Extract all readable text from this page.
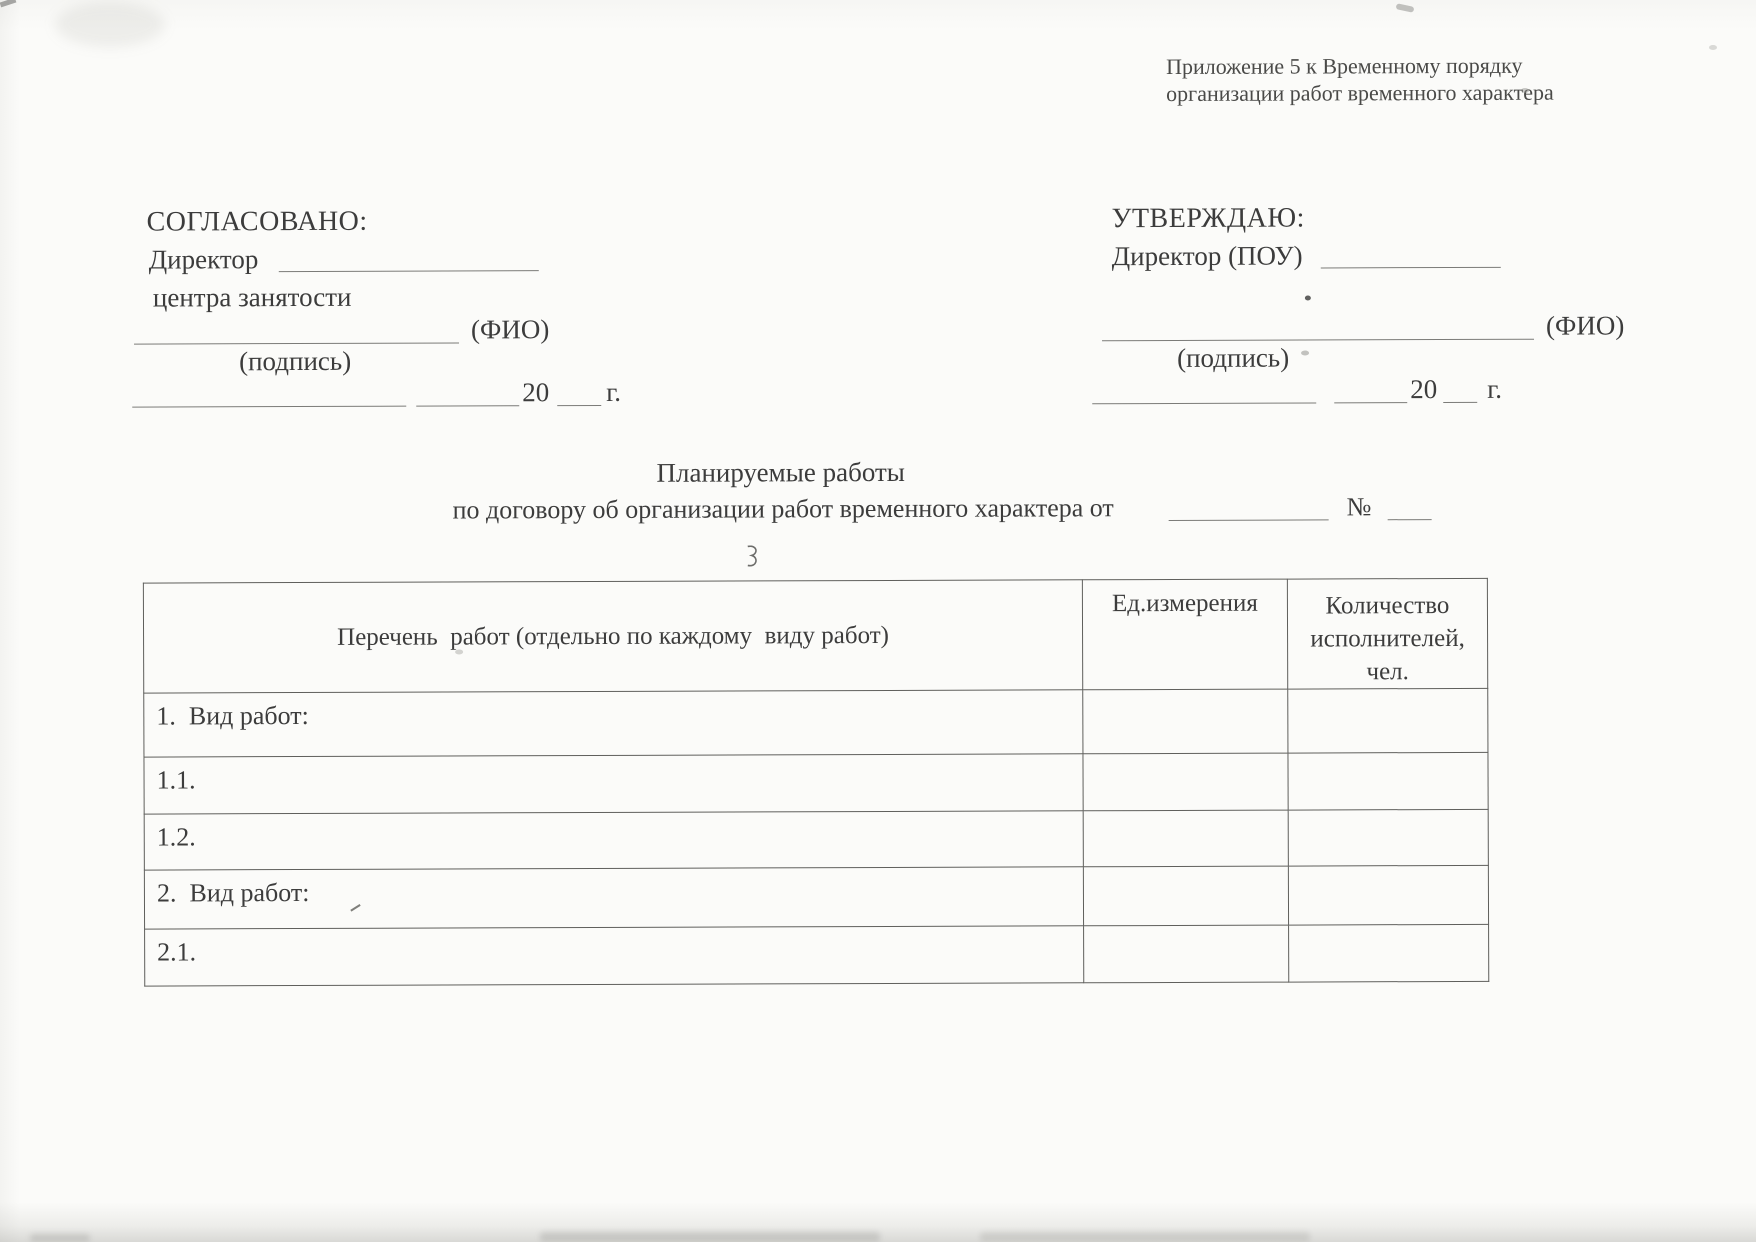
Приложение 5 к Временному порядку
организации работ временного характера
СОГЛАСОВАНО:
Директор
центра занятости
(ФИО)
(подпись)
20 г.
УТВЕРЖДАЮ:
Директор (ПОУ)
(ФИО)
(подпись)
20 г.
Планируемые работы
по договору об организации работ временного характера от	№
Перечень  работ (отдельно по каждому  виду работ)	Ед.измерения	Количество исполнителей, чел.
1.  Вид работ:		
1.1.		
1.2.		
2.  Вид работ:		
2.1.		
